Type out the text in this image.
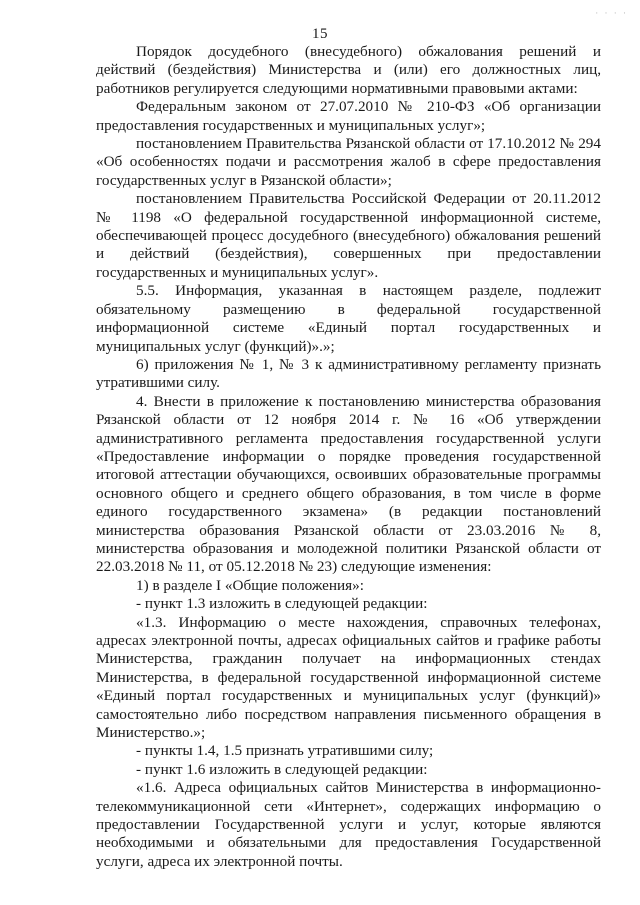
· · · ·
15

Порядок досудебного (внесудебного) обжалования решений и действий (бездействия) Министерства и (или) его должностных лиц, работников регулируется следующими нормативными правовыми актами:

Федеральным законом от 27.07.2010 № 210-ФЗ «Об организации предоставления государственных и муниципальных услуг»;

постановлением Правительства Рязанской области от 17.10.2012 № 294 «Об особенностях подачи и рассмотрения жалоб в сфере предоставления государственных услуг в Рязанской области»;

постановлением Правительства Российской Федерации от 20.11.2012 № 1198 «О федеральной государственной информационной системе, обеспечивающей процесс досудебного (внесудебного) обжалования решений и действий (бездействия), совершенных при предоставлении государственных и муниципальных услуг».

5.5. Информация, указанная в настоящем разделе, подлежит обязательному размещению в федеральной государственной информационной системе «Единый портал государственных и муниципальных услуг (функций)».»;

6) приложения № 1, № 3 к административному регламенту признать утратившими силу.

4. Внести в приложение к постановлению министерства образования Рязанской области от 12 ноября 2014 г. № 16 «Об утверждении административного регламента предоставления государственной услуги «Предоставление информации о порядке проведения государственной итоговой аттестации обучающихся, освоивших образовательные программы основного общего и среднего общего образования, в том числе в форме единого государственного экзамена» (в редакции постановлений министерства образования Рязанской области от 23.03.2016 № 8, министерства образования и молодежной политики Рязанской области от 22.03.2018 № 11, от 05.12.2018 № 23) следующие изменения:

1) в разделе I «Общие положения»:

- пункт 1.3 изложить в следующей редакции:

«1.3. Информацию о месте нахождения, справочных телефонах, адресах электронной почты, адресах официальных сайтов и графике работы Министерства, гражданин получает на информационных стендах Министерства, в федеральной государственной информационной системе «Единый портал государственных и муниципальных услуг (функций)» самостоятельно либо посредством направления письменного обращения в Министерство.»;

- пункты 1.4, 1.5 признать утратившими силу;

- пункт 1.6 изложить в следующей редакции:

«1.6. Адреса официальных сайтов Министерства в информационно-телекоммуникационной сети «Интернет», содержащих информацию о предоставлении Государственной услуги и услуг, которые являются необходимыми и обязательными для предоставления Государственной услуги, адреса их электронной почты.
